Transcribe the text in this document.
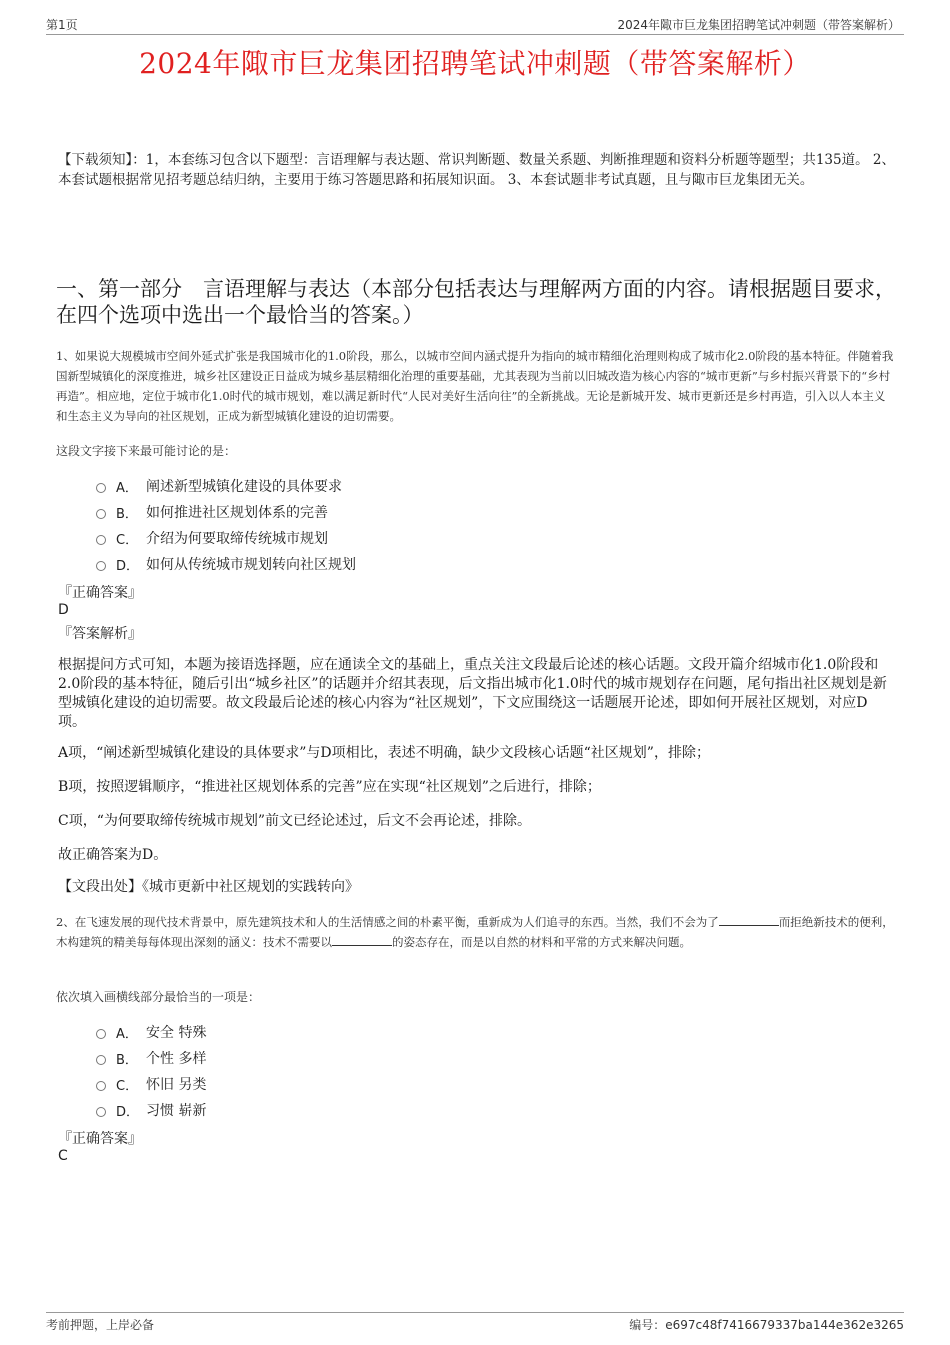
第1页	2024年陬市巨龙集团招聘笔试冲刺题（带答案解析）
2024年陬市巨龙集团招聘笔试冲刺题（带答案解析）
【下载须知】：1，本套练习包含以下题型：言语理解与表达题、常识判断题、数量关系题、判断推理题和资料分析题等题型；共135道。 2、本套试题根据常见招考题总结归纳，主要用于练习答题思路和拓展知识面。 3、本套试题非考试真题，且与陬市巨龙集团无关。
一、第一部分　言语理解与表达（本部分包括表达与理解两方面的内容。请根据题目要求，在四个选项中选出一个最恰当的答案。）
1、如果说大规模城市空间外延式扩张是我国城市化的1.0阶段，那么，以城市空间内涵式提升为指向的城市精细化治理则构成了城市化2.0阶段的基本特征。伴随着我国新型城镇化的深度推进，城乡社区建设正日益成为城乡基层精细化治理的重要基础，尤其表现为当前以旧城改造为核心内容的“城市更新”与乡村振兴背景下的“乡村再造”。相应地，定位于城市化1.0时代的城市规划，难以满足新时代“人民对美好生活向往”的全新挑战。无论是新城开发、城市更新还是乡村再造，引入以人本主义和生态主义为导向的社区规划，正成为新型城镇化建设的迫切需要。
这段文字接下来最可能讨论的是：
A． 阐述新型城镇化建设的具体要求
B． 如何推进社区规划体系的完善
C． 介绍为何要取缔传统城市规划
D． 如何从传统城市规划转向社区规划
『正确答案』
D
『答案解析』
根据提问方式可知，本题为接语选择题，应在通读全文的基础上，重点关注文段最后论述的核心话题。文段开篇介绍城市化1.0阶段和2.0阶段的基本特征，随后引出“城乡社区”的话题并介绍其表现，后文指出城市化1.0时代的城市规划存在问题，尾句指出社区规划是新型城镇化建设的迫切需要。故文段最后论述的核心内容为“社区规划”，下文应围绕这一话题展开论述，即如何开展社区规划，对应D项。
A项，“阐述新型城镇化建设的具体要求”与D项相比，表述不明确，缺少文段核心话题“社区规划”，排除；
B项，按照逻辑顺序，“推进社区规划体系的完善”应在实现“社区规划”之后进行，排除；
C项，“为何要取缔传统城市规划”前文已经论述过，后文不会再论述，排除。
故正确答案为D。
【文段出处】《城市更新中社区规划的实践转向》
2、在飞速发展的现代技术背景中，原先建筑技术和人的生活情感之间的朴素平衡，重新成为人们追寻的东西。当然，我们不会为了	而拒绝新技术的便利，木构建筑的精美每每体现出深刻的涵义：技术不需要以	的姿态存在，而是以自然的材料和平常的方式来解决问题。
依次填入画横线部分最恰当的一项是：
A． 安全 特殊
B． 个性 多样
C． 怀旧 另类
D． 习惯 崭新
『正确答案』
C
考前押题，上岸必备	编号：e697c48f7416679337ba144e362e3265
